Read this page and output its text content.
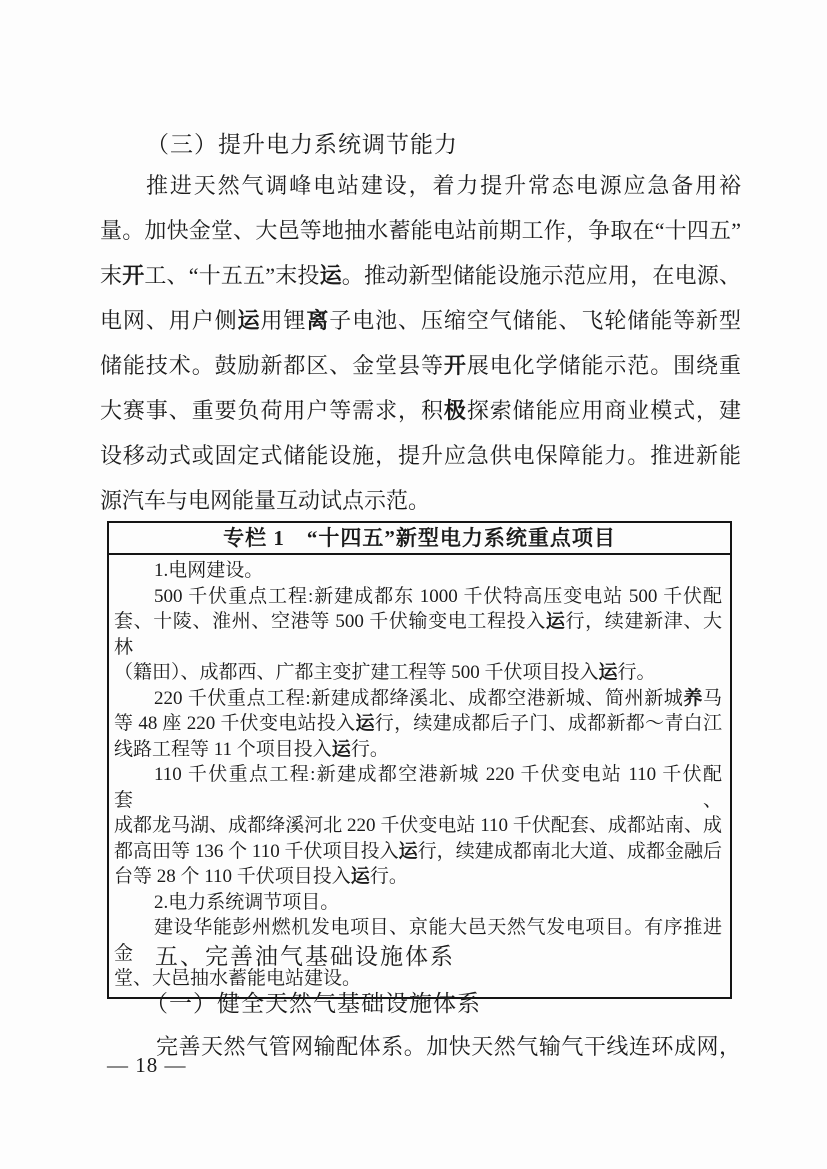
（三）提升电力系统调节能力
推进天然气调峰电站建设，着力提升常态电源应急备用裕
量。加快金堂、大邑等地抽水蓄能电站前期工作，争取在“十四五”
末开工、“十五五”末投运。推动新型储能设施示范应用，在电源、
电网、用户侧运用锂离子电池、压缩空气储能、飞轮储能等新型
储能技术。鼓励新都区、金堂县等开展电化学储能示范。围绕重
大赛事、重要负荷用户等需求，积极探索储能应用商业模式，建
设移动式或固定式储能设施，提升应急供电保障能力。推进新能
源汽车与电网能量互动试点示范。
专栏 1　“十四五”新型电力系统重点项目
1.电网建设。
500 千伏重点工程:新建成都东 1000 千伏特高压变电站 500 千伏配
套、十陵、淮州、空港等 500 千伏输变电工程投入运行，续建新津、大林
（籍田）、成都西、广都主变扩建工程等 500 千伏项目投入运行。
220 千伏重点工程:新建成都绛溪北、成都空港新城、简州新城养马
等 48 座 220 千伏变电站投入运行，续建成都后子门、成都新都～青白江
线路工程等 11 个项目投入运行。
110 千伏重点工程:新建成都空港新城 220 千伏变电站 110 千伏配套、
成都龙马湖、成都绛溪河北 220 千伏变电站 110 千伏配套、成都站南、成
都高田等 136 个 110 千伏项目投入运行，续建成都南北大道、成都金融后
台等 28 个 110 千伏项目投入运行。
2.电力系统调节项目。
建设华能彭州燃机发电项目、京能大邑天然气发电项目。有序推进金
堂、大邑抽水蓄能电站建设。
五、完善油气基础设施体系
（一）健全天然气基础设施体系
完善天然气管网输配体系。加快天然气输气干线连环成网，
— 18 —
